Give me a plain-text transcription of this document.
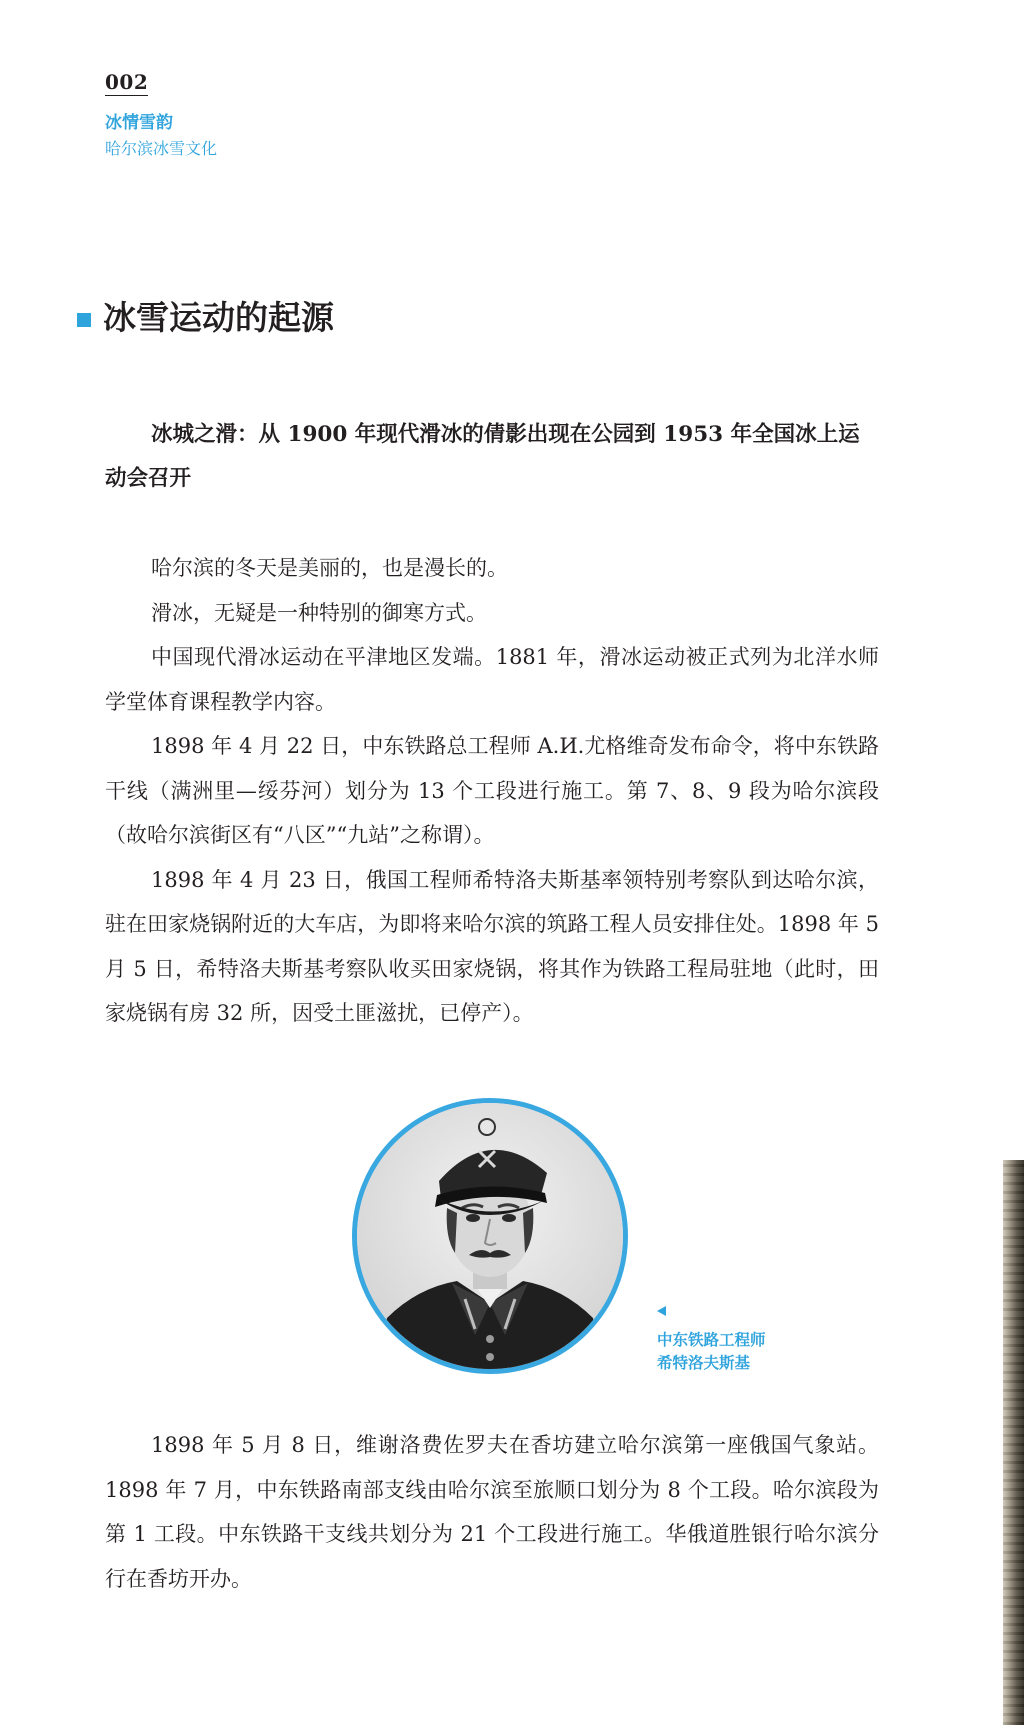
002
冰情雪韵
哈尔滨冰雪文化
冰雪运动的起源

冰城之滑：从 1900 年现代滑冰的倩影出现在公园到 1953 年全国冰上运动会召开

哈尔滨的冬天是美丽的，也是漫长的。

滑冰，无疑是一种特别的御寒方式。

中国现代滑冰运动在平津地区发端。1881 年，滑冰运动被正式列为北洋水师学堂体育课程教学内容。

1898 年 4 月 22 日，中东铁路总工程师 A.И.尤格维奇发布命令，将中东铁路干线（满洲里—绥芬河）划分为 13 个工段进行施工。第 7、8、9 段为哈尔滨段（故哈尔滨街区有“八区”“九站”之称谓）。

1898 年 4 月 23 日，俄国工程师希特洛夫斯基率领特别考察队到达哈尔滨，驻在田家烧锅附近的大车店，为即将来哈尔滨的筑路工程人员安排住处。1898 年 5 月 5 日，希特洛夫斯基考察队收买田家烧锅，将其作为铁路工程局驻地（此时，田家烧锅有房 32 所，因受土匪滋扰，已停产）。

中东铁路工程师
希特洛夫斯基

1898 年 5 月 8 日，维谢洛费佐罗夫在香坊建立哈尔滨第一座俄国气象站。1898 年 7 月，中东铁路南部支线由哈尔滨至旅顺口划分为 8 个工段。哈尔滨段为第 1 工段。中东铁路干支线共划分为 21 个工段进行施工。华俄道胜银行哈尔滨分行在香坊开办。
